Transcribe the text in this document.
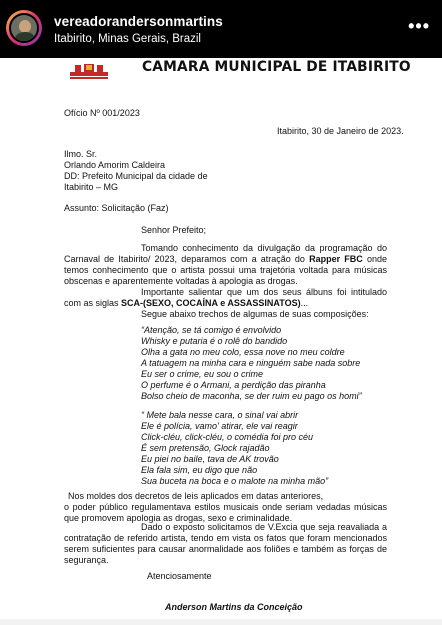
vereadorandersonmartins
Itabirito, Minas Gerais, Brazil
•••
CAMARA MUNICIPAL DE ITABIRITO
Ofício Nº 001/2023
Itabirito, 30 de Janeiro de 2023.
Ilmo. Sr.
Orlando Amorim Caldeira
DD: Prefeito Municipal da cidade de
Itabirito – MG
Assunto: Solicitação (Faz)
Senhor Prefeito;
Tomando conhecimento da divulgação da programação do Carnaval de Itabirito/ 2023, deparamos com a atração do Rapper FBC onde temos conhecimento que o artista possui uma trajetória voltada para músicas obscenas e aparentemente voltadas à apologia as drogas.
Importante salientar que um dos seus álbuns foi intitulado com as siglas SCA-(SEXO, COCAÍNA e ASSASSINATOS)...
Segue abaixo trechos de algumas de suas composições:
“Atenção, se tá comigo é envolvido
Whisky e putaria é o rolê do bandido
Olha a gata no meu colo, essa nove no meu coldre
A tatuagem na minha cara e ninguém sabe nada sobre
Eu ser o crime, eu sou o crime
O perfume é o Armani, a perdição das piranha
Bolso cheio de maconha, se der ruim eu pago os homi”
“ Mete bala nesse cara, o sinal vai abrir
Ele é polícia, vamo' atirar, ele vai reagir
Click-cléu, click-cléu, o comédia foi pro céu
É sem pretensão, Glock rajadão
Eu piei no baile, tava de AK trovão
Ela fala sim, eu digo que não
Sua buceta na boca e o malote na minha mão”
Nos moldes dos decretos de leis aplicados em datas anteriores,
o poder público regulamentava estilos musicais onde seriam vedadas músicas que promovem apologia as drogas, sexo e criminalidade.
Dado o exposto solicitamos de V.Excia que seja reavaliada a contratação de referido artista, tendo em vista os fatos que foram mencionados serem suficientes para causar anormalidade aos foliões e também as forças de segurança.
Atenciosamente
Anderson Martins da Conceição
